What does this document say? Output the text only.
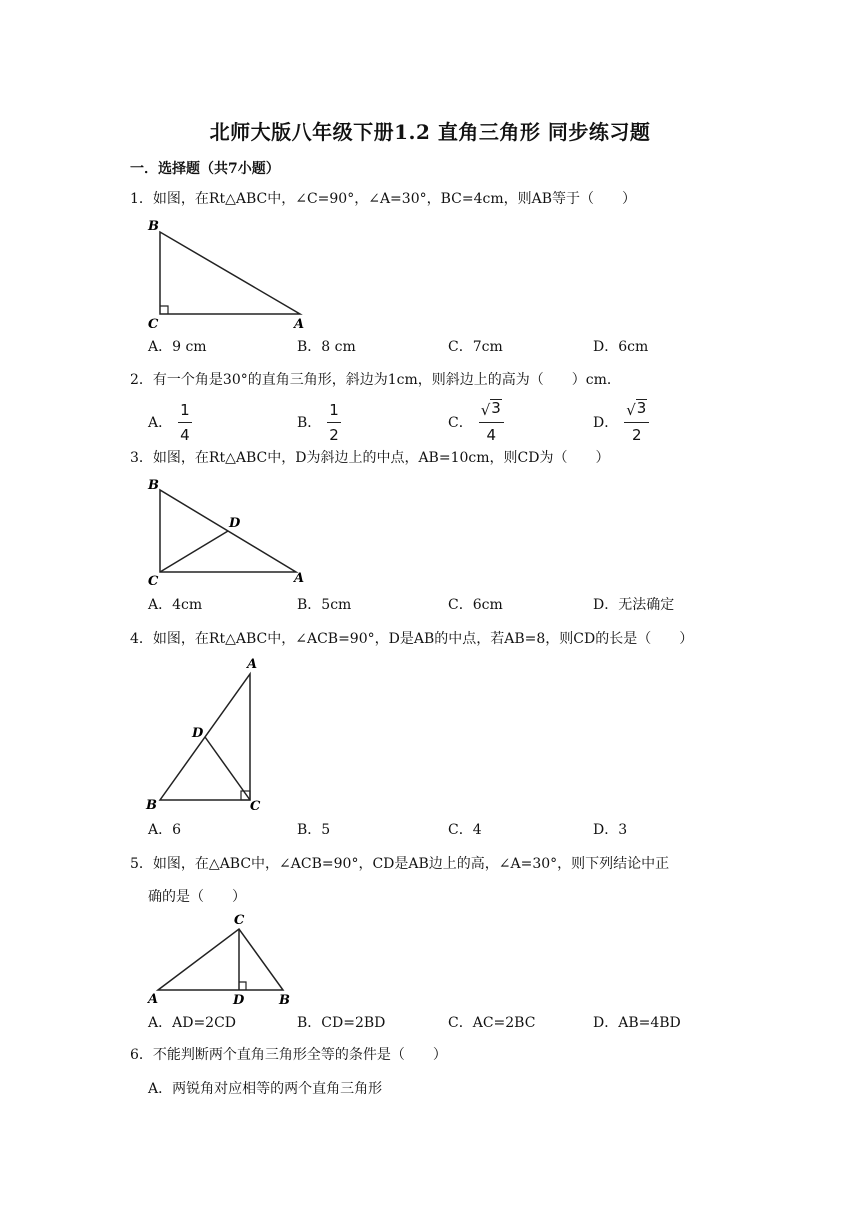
北师大版八年级下册1.2 直角三角形 同步练习题
一．选择题（共7小题）
1．如图，在Rt△ABC中，∠C=90°，∠A=30°，BC=4cm，则AB等于（　　）
B
C	A
A．9 cm	B．8 cm	C．7cm	D．6cm
2．有一个角是30°的直角三角形，斜边为1cm，则斜边上的高为（　　）cm．
A． $\frac{1}{4}$	B． $\frac{1}{2}$	C． $\frac{√ 3}{4}$	D． $\frac{√ 3}{2}$
3．如图，在Rt△ABC中，D为斜边上的中点，AB=10cm，则CD为（　　）
B
D
C	A
A．4cm	B．5cm	C．6cm	D．无法确定
4．如图，在Rt△ABC中，∠ACB=90°，D是AB的中点，若AB=8，则CD的长是（　　）
A
D
B	C
A．6	B．5	C．4	D．3
5．如图，在△ABC中，∠ACB=90°，CD是AB边上的高，∠A=30°，则下列结论中正
确的是（　　）
C
A	D	B
A．AD=2CD	B．CD=2BD	C．AC=2BC	D．AB=4BD
6．不能判断两个直角三角形全等的条件是（　　）
A．两锐角对应相等的两个直角三角形
